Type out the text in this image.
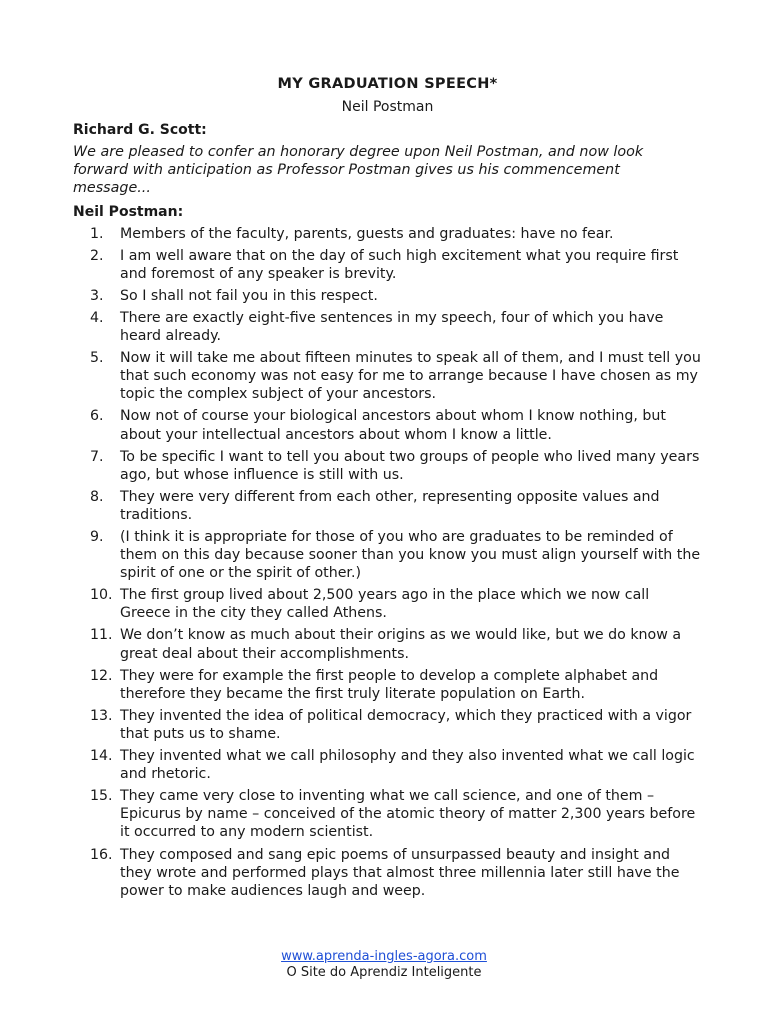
MY GRADUATION SPEECH*

Neil Postman

Richard G. Scott:

We are pleased to confer an honorary degree upon Neil Postman, and now look forward with anticipation as Professor Postman gives us his commencement message...

Neil Postman:

1.	Members of the faculty, parents, guests and graduates: have no fear.
2.	I am well aware that on the day of such high excitement what you require first and foremost of any speaker is brevity.
3.	So I shall not fail you in this respect.
4.	There are exactly eight-five sentences in my speech, four of which you have heard already.
5.	Now it will take me about fifteen minutes to speak all of them, and I must tell you that such economy was not easy for me to arrange because I have chosen as my topic the complex subject of your ancestors.
6.	Now not of course your biological ancestors about whom I know nothing, but about your intellectual ancestors about whom I know a little.
7.	To be specific I want to tell you about two groups of people who lived many years ago, but whose influence is still with us.
8.	They were very different from each other, representing opposite values and traditions.
9.	(I think it is appropriate for those of you who are graduates to be reminded of them on this day because sooner than you know you must align yourself with the spirit of one or the spirit of other.)
10. The first group lived about 2,500 years ago in the place which we now call Greece in the city they called Athens.
11. We don’t know as much about their origins as we would like, but we do know a great deal about their accomplishments.
12. They were for example the first people to develop a complete alphabet and therefore they became the first truly literate population on Earth.
13. They invented the idea of political democracy, which they practiced with a vigor that puts us to shame.
14. They invented what we call philosophy and they also invented what we call logic and rhetoric.
15. They came very close to inventing what we call science, and one of them – Epicurus by name – conceived of the atomic theory of matter 2,300 years before it occurred to any modern scientist.
16. They composed and sang epic poems of unsurpassed beauty and insight and they wrote and performed plays that almost three millennia later still have the power to make audiences laugh and weep.
www.aprenda-ingles-agora.com
O Site do Aprendiz Inteligente
